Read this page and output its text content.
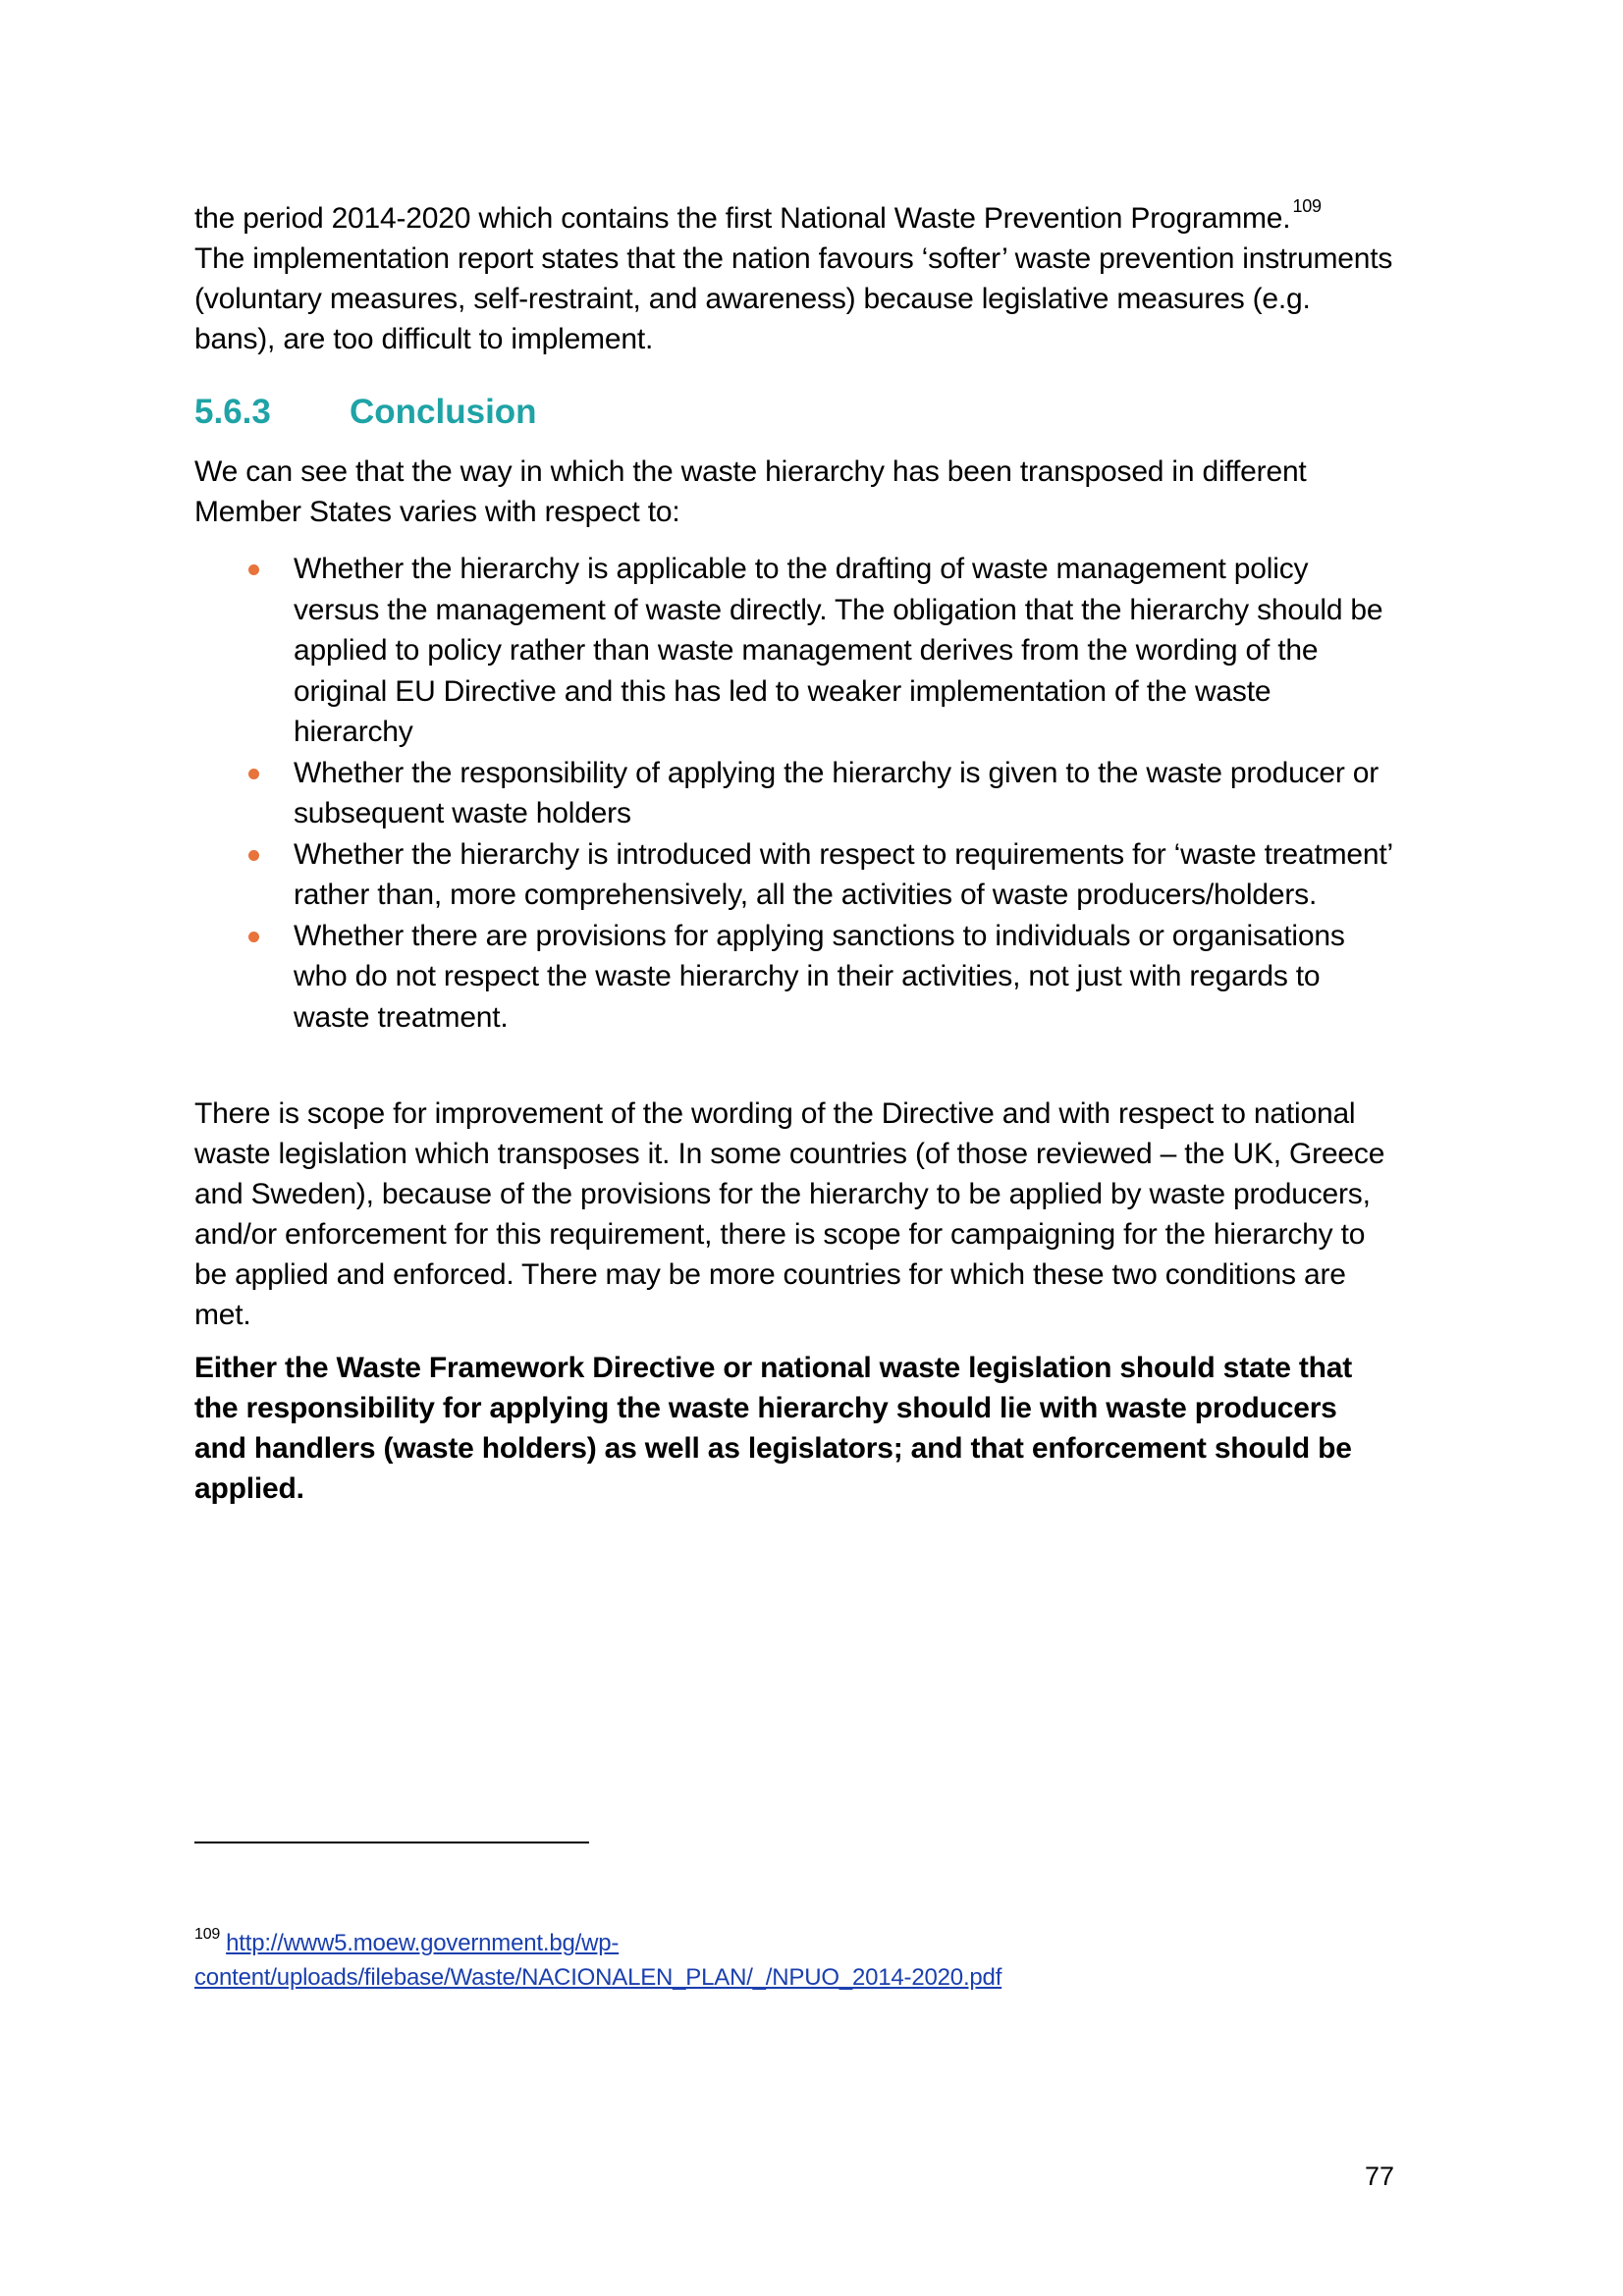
the period 2014-2020 which contains the first National Waste Prevention Programme. $^{109}$
The implementation report states that the nation favours ‘softer’ waste prevention instruments (voluntary measures, self-restraint, and awareness) because legislative measures (e.g. bans), are too difficult to implement.

5.6.3 Conclusion

We can see that the way in which the waste hierarchy has been transposed in different Member States varies with respect to:

Whether the hierarchy is applicable to the drafting of waste management policy versus the management of waste directly. The obligation that the hierarchy should be applied to policy rather than waste management derives from the wording of the original EU Directive and this has led to weaker implementation of the waste hierarchy
Whether the responsibility of applying the hierarchy is given to the waste producer or subsequent waste holders
Whether the hierarchy is introduced with respect to requirements for ‘waste treatment’ rather than, more comprehensively, all the activities of waste producers/holders.
Whether there are provisions for applying sanctions to individuals or organisations who do not respect the waste hierarchy in their activities, not just with regards to waste treatment.

There is scope for improvement of the wording of the Directive and with respect to national waste legislation which transposes it. In some countries (of those reviewed – the UK, Greece and Sweden), because of the provisions for the hierarchy to be applied by waste producers, and/or enforcement for this requirement, there is scope for campaigning for the hierarchy to be applied and enforced. There may be more countries for which these two conditions are met.

Either the Waste Framework Directive or national waste legislation should state that the responsibility for applying the waste hierarchy should lie with waste producers and handlers (waste holders) as well as legislators; and that enforcement should be applied.

$^{109}$ http://www5.moew.government.bg/wp-
content/uploads/filebase/Waste/NACIONALEN_PLAN/_/NPUO_2014-2020.pdf
77
